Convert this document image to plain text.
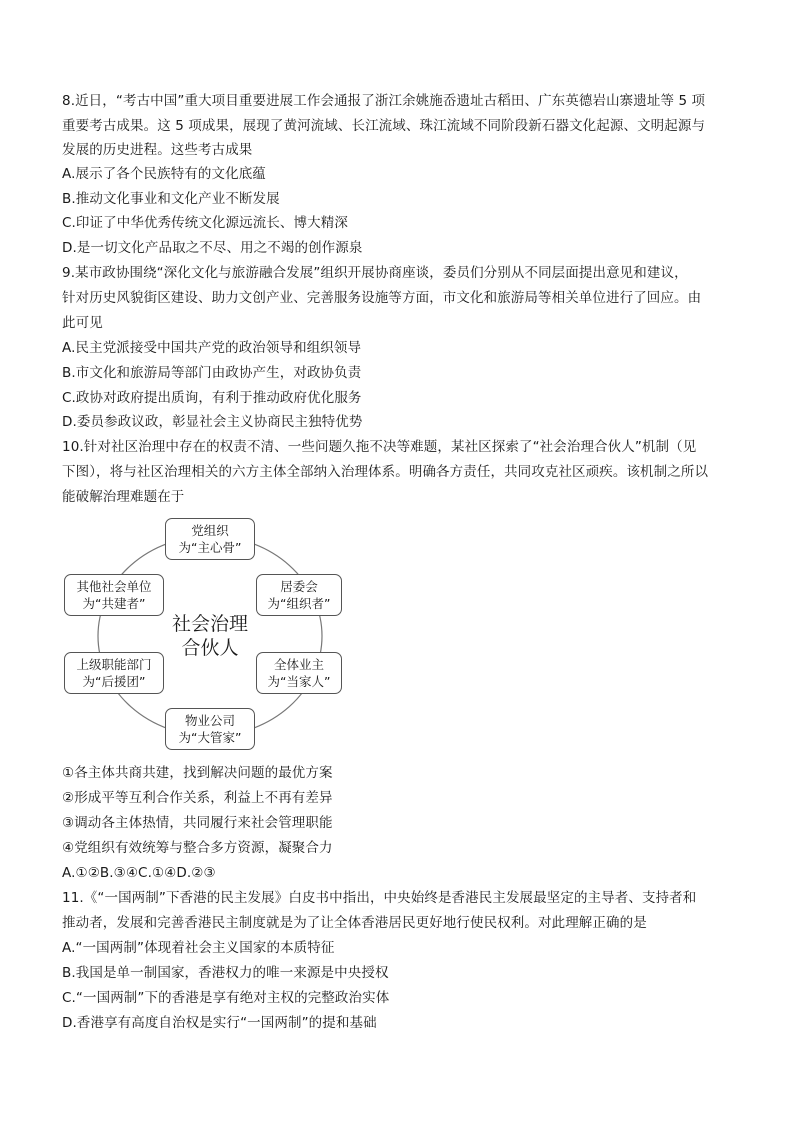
8.近日，“考古中国”重大项目重要进展工作会通报了浙江余姚施岙遗址古稻田、广东英德岩山寨遗址等 5 项
重要考古成果。这 5 项成果，展现了黄河流域、长江流域、珠江流域不同阶段新石器文化起源、文明起源与
发展的历史进程。这些考古成果
A.展示了各个民族特有的文化底蕴
B.推动文化事业和文化产业不断发展
C.印证了中华优秀传统文化源远流长、博大精深
D.是一切文化产品取之不尽、用之不竭的创作源泉
9.某市政协围绕“深化文化与旅游融合发展”组织开展协商座谈，委员们分别从不同层面提出意见和建议，
针对历史风貌街区建设、助力文创产业、完善服务设施等方面，市文化和旅游局等相关单位进行了回应。由
此可见
A.民主党派接受中国共产党的政治领导和组织领导
B.市文化和旅游局等部门由政协产生，对政协负责
C.政协对政府提出质询，有利于推动政府优化服务
D.委员参政议政，彰显社会主义协商民主独特优势
10.针对社区治理中存在的权责不清、一些问题久拖不决等难题，某社区探索了“社会治理合伙人”机制（见
下图），将与社区治理相关的六方主体全部纳入治理体系。明确各方责任，共同攻克社区顽疾。该机制之所以
能破解治理难题在于
社会治理
合伙人
党组织
为“主心骨”
居委会
为“组织者”
全体业主
为“当家人”
物业公司
为“大管家”
上级职能部门
为“后援团”
其他社会单位
为“共建者”
①各主体共商共建，找到解决问题的最优方案
②形成平等互利合作关系，利益上不再有差异
③调动各主体热情，共同履行来社会管理职能
④党组织有效统筹与整合多方资源，凝聚合力
A.①②B.③④C.①④D.②③
11.《“一国两制”下香港的民主发展》白皮书中指出，中央始终是香港民主发展最坚定的主导者、支持者和
推动者，发展和完善香港民主制度就是为了让全体香港居民更好地行使民权利。对此理解正确的是
A.“一国两制”体现着社会主义国家的本质特征
B.我国是单一制国家，香港权力的唯一来源是中央授权
C.“一国两制”下的香港是享有绝对主权的完整政治实体
D.香港享有高度自治权是实行“一国两制”的提和基础
